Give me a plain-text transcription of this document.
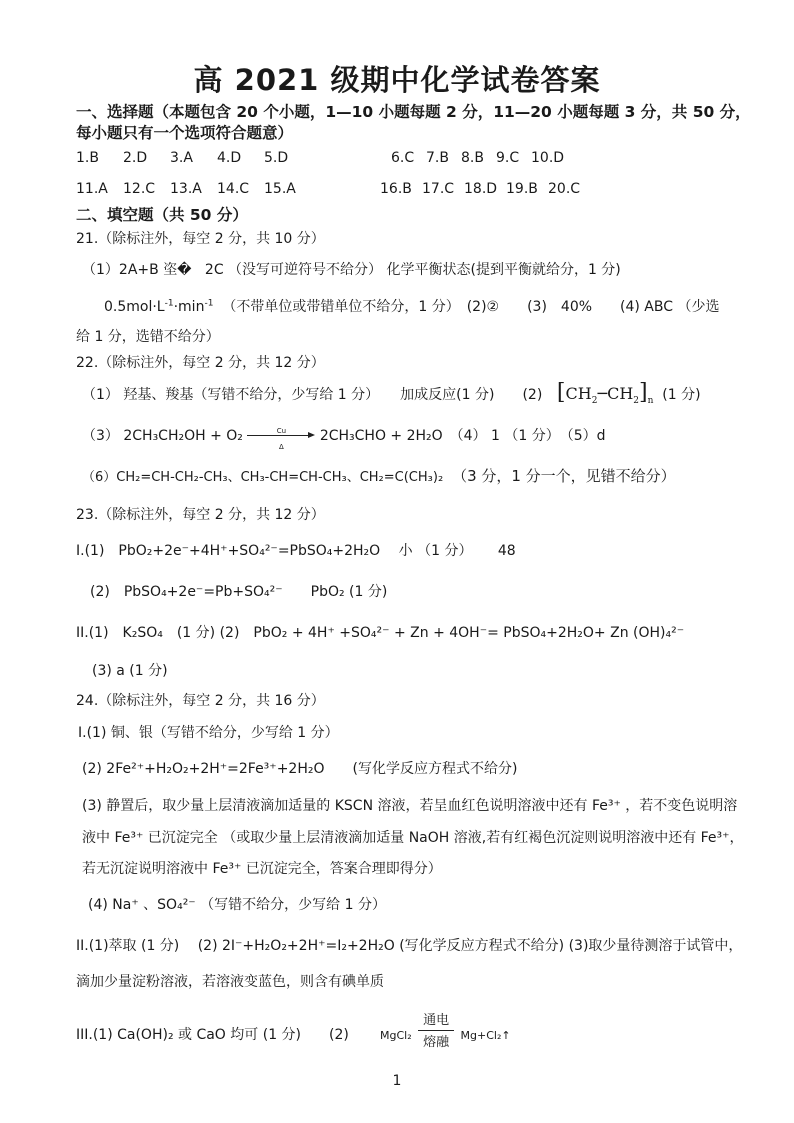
高 2021 级期中化学试卷答案
一、选择题（本题包含 20 个小题，1—10 小题每题 2 分，11—20 小题每题 3 分，共 50 分，
每小题只有一个选项符合题意）
1.B 2.D 3.A 4.D 5.D	6.C 7.B 8.B 9.C 10.D
11.A 12.C 13.A 14.C 15.A	16.B 17.C 18.D 19.B 20.C
二、填空题（共 50 分）
21.（除标注外，每空 2 分，共 10 分）
（1）2A+B 垐� 2C （没写可逆符号不给分） 化学平衡状态(提到平衡就给分，1 分)
$0.5mol\cdot L^{-1}\cdot\min^{-1}$ （不带单位或带错单位不给分，1 分）　(2)②　　(3)　40%　　(4) ABC （少选
给 1 分，选错不给分）
22.（除标注外，每空 2 分，共 12 分）
（1） 羟基、羧基（写错不给分，少写给 1 分）　　加成反应(1 分)　　(2) $[CH_2─CH_2]_n$ (1 分)
（3） $2CH_3CH_2OH + O_2 \frac{Cu}{\Delta} 2CH_3CHO + 2H_2O$　（4） 1 （1 分）　（5）d
（6）CH₂=CH-CH₂-CH₃、CH₃-CH=CH-CH₃、CH₂=C(CH₃)₂ （3 分，1 分一个，见错不给分）
23.（除标注外，每空 2 分，共 12 分）
I.(1)　PbO₂+2e⁻+4H⁺+SO₄²⁻=PbSO₄+2H₂O　 小 （1 分）　　 48
(2)　PbSO₄+2e⁻=Pb+SO₄²⁻　　PbO₂ (1 分)
II.(1)　K₂SO₄　(1 分) (2)　PbO₂ + 4H⁺ +SO₄²⁻ + Zn + 4OH⁻= PbSO₄+2H₂O+ Zn (OH)₄²⁻
(3) a (1 分)
24.（除标注外，每空 2 分，共 16 分）
I.(1) 铜、银（写错不给分，少写给 1 分）
(2) 2Fe²⁺+H₂O₂+2H⁺=2Fe³⁺+2H₂O　　(写化学反应方程式不给分)
(3) 静置后，取少量上层清液滴加适量的 KSCN 溶液，若呈血红色说明溶液中还有 Fe³⁺ ，若不变色说明溶
液中 Fe³⁺ 已沉淀完全 （或取少量上层清液滴加适量 NaOH 溶液,若有红褐色沉淀则说明溶液中还有 Fe³⁺，
若无沉淀说明溶液中 Fe³⁺ 已沉淀完全，答案合理即得分）
(4) Na⁺ 、SO₄²⁻ （写错不给分，少写给 1 分）
II.(1)萃取 (1 分)　 (2) 2I⁻+H₂O₂+2H⁺=I₂+2H₂O (写化学反应方程式不给分) (3)取少量待测溶于试管中，
滴加少量淀粉溶液，若溶液变蓝色，则含有碘单质
III.(1) Ca(OH)₂ 或 CaO 均可 (1 分)　　(2)	MgCl₂
通电
熔融	Mg+Cl₂↑
1
